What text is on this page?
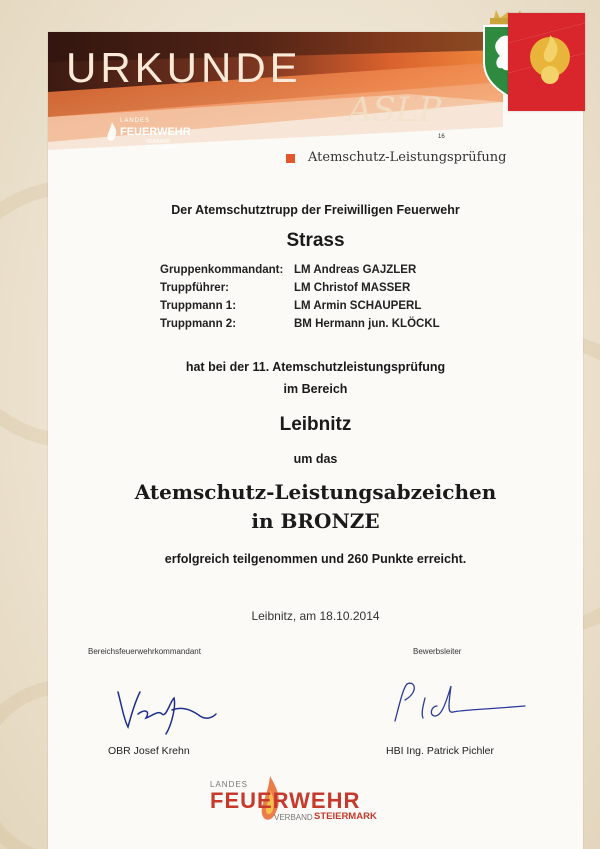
URKUNDE
ASLP
LANDES
FEUERWEHR
VERBAND STEIERMARK
16
Atemschutz-Leistungsprüfung
Der Atemschutztrupp der Freiwilligen Feuerwehr
Strass
Gruppenkommandant: LM Andreas GAJZLER
Truppführer:	LM Christof MASSER
Truppmann 1:	LM Armin SCHAUPERL
Truppmann 2:	BM Hermann jun. KLÖCKL
hat bei der 11. Atemschutzleistungsprüfung
im Bereich
Leibnitz
um das
Atemschutz-Leistungsabzeichen
in BRONZE
erfolgreich teilgenommen und 260 Punkte erreicht.
Leibnitz, am 18.10.2014
Bereichsfeuerwehrkommandant	Bewerbsleiter
OBR Josef Krehn	HBI Ing. Patrick Pichler
LANDES
FEUERWEHR
VERBAND STEIERMARK
